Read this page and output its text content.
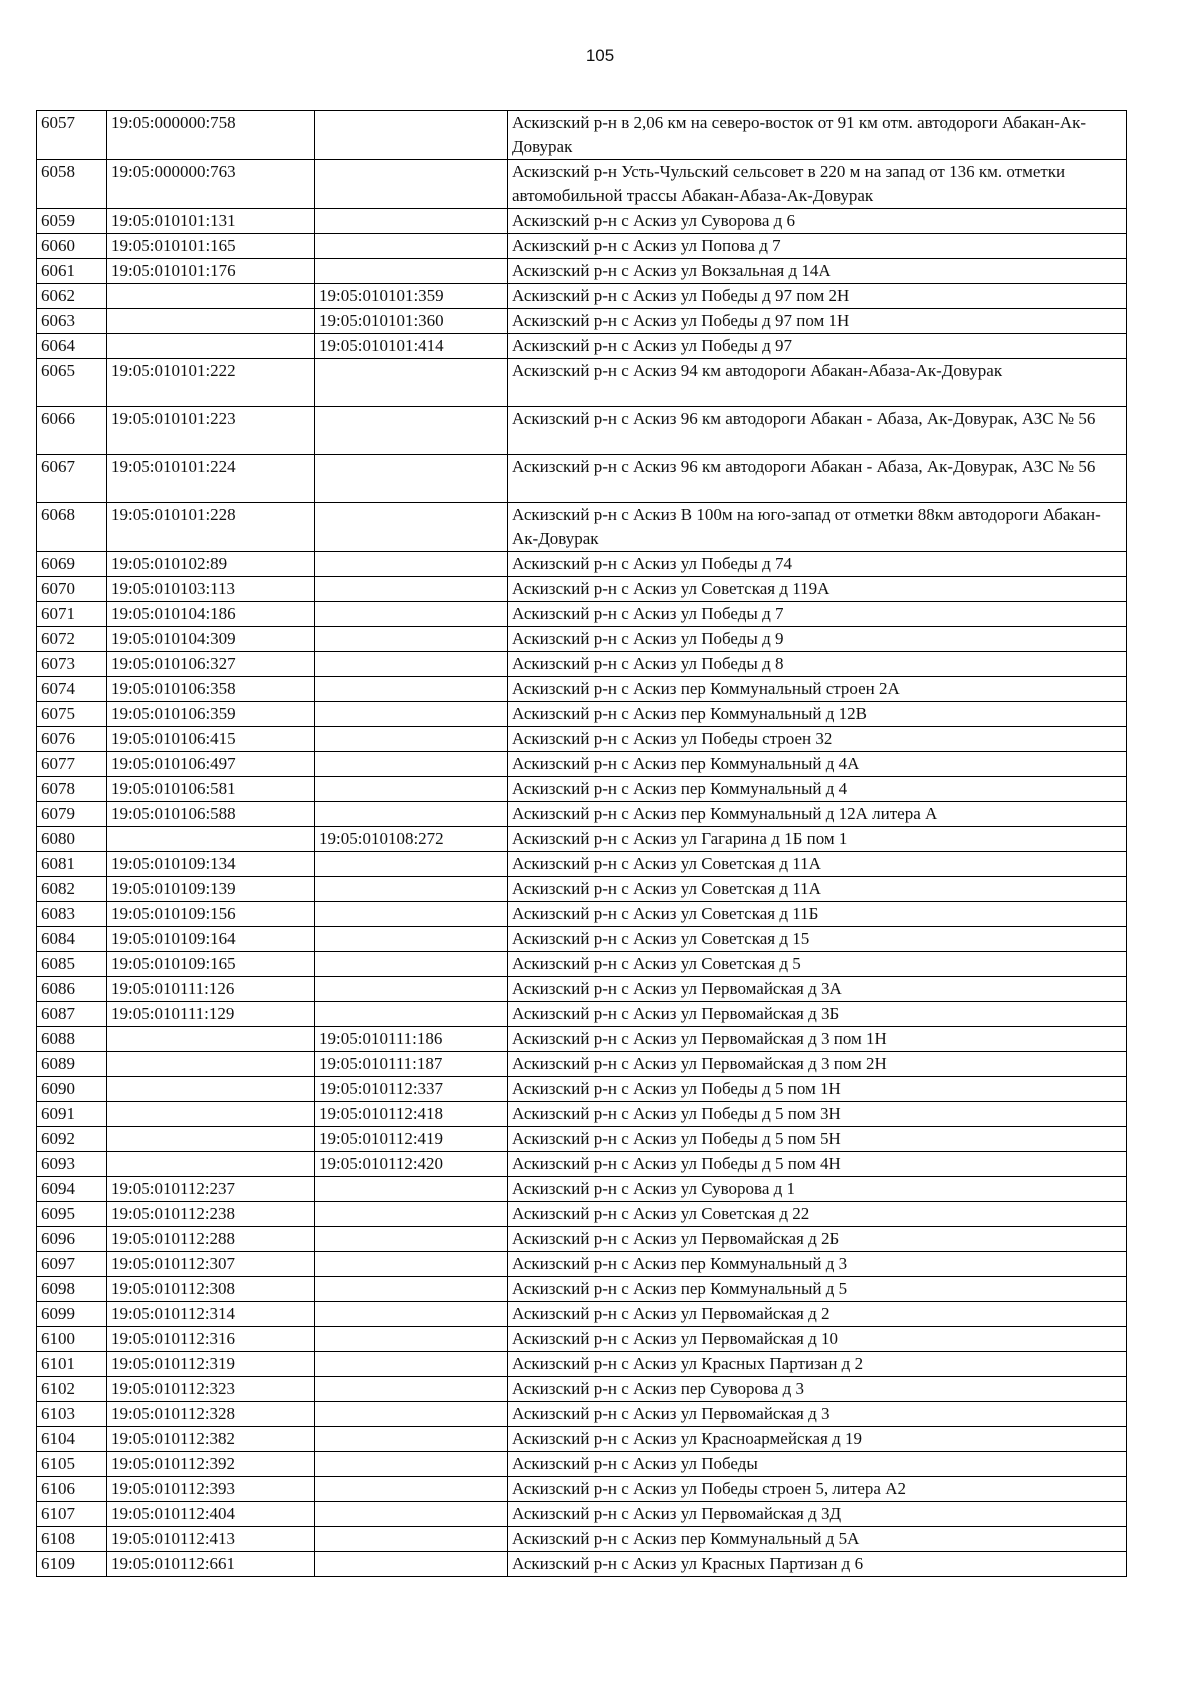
105
6057	19:05:000000:758		Аскизский р-н в 2,06 км на северо-восток от 91 км отм. автодороги Абакан-Ак-Довурак
6058	19:05:000000:763		Аскизский р-н Усть-Чульский сельсовет в 220 м на запад от 136 км. отметки автомобильной трассы Абакан-Абаза-Ак-Довурак
6059	19:05:010101:131		Аскизский р-н с Аскиз ул Суворова д 6
6060	19:05:010101:165		Аскизский р-н с Аскиз ул Попова д 7
6061	19:05:010101:176		Аскизский р-н с Аскиз ул Вокзальная д 14А
6062		19:05:010101:359	Аскизский р-н с Аскиз ул Победы д 97 пом 2Н
6063		19:05:010101:360	Аскизский р-н с Аскиз ул Победы д 97 пом 1Н
6064		19:05:010101:414	Аскизский р-н с Аскиз ул Победы д 97
6065	19:05:010101:222		Аскизский р-н с Аскиз 94 км автодороги Абакан-Абаза-Ак-Довурак
6066	19:05:010101:223		Аскизский р-н с Аскиз 96 км автодороги Абакан - Абаза, Ак-Довурак, АЗС № 56
6067	19:05:010101:224		Аскизский р-н с Аскиз 96 км автодороги Абакан - Абаза, Ак-Довурак, АЗС № 56
6068	19:05:010101:228		Аскизский р-н с Аскиз В 100м на юго-запад от отметки 88км автодороги Абакан-Ак-Довурак
6069	19:05:010102:89		Аскизский р-н с Аскиз ул Победы д 74
6070	19:05:010103:113		Аскизский р-н с Аскиз ул Советская д 119А
6071	19:05:010104:186		Аскизский р-н с Аскиз ул Победы д 7
6072	19:05:010104:309		Аскизский р-н с Аскиз ул Победы д 9
6073	19:05:010106:327		Аскизский р-н с Аскиз ул Победы д 8
6074	19:05:010106:358		Аскизский р-н с Аскиз пер Коммунальный строен 2А
6075	19:05:010106:359		Аскизский р-н с Аскиз пер Коммунальный д 12В
6076	19:05:010106:415		Аскизский р-н с Аскиз ул Победы строен 32
6077	19:05:010106:497		Аскизский р-н с Аскиз пер Коммунальный д 4А
6078	19:05:010106:581		Аскизский р-н с Аскиз пер Коммунальный д 4
6079	19:05:010106:588		Аскизский р-н с Аскиз пер Коммунальный д 12А литера А
6080		19:05:010108:272	Аскизский р-н с Аскиз ул Гагарина д 1Б пом 1
6081	19:05:010109:134		Аскизский р-н с Аскиз ул Советская д 11А
6082	19:05:010109:139		Аскизский р-н с Аскиз ул Советская д 11А
6083	19:05:010109:156		Аскизский р-н с Аскиз ул Советская д 11Б
6084	19:05:010109:164		Аскизский р-н с Аскиз ул Советская д 15
6085	19:05:010109:165		Аскизский р-н с Аскиз ул Советская д 5
6086	19:05:010111:126		Аскизский р-н с Аскиз ул Первомайская д 3А
6087	19:05:010111:129		Аскизский р-н с Аскиз ул Первомайская д 3Б
6088		19:05:010111:186	Аскизский р-н с Аскиз ул Первомайская д 3 пом 1Н
6089		19:05:010111:187	Аскизский р-н с Аскиз ул Первомайская д 3 пом 2Н
6090		19:05:010112:337	Аскизский р-н с Аскиз ул Победы д 5 пом 1Н
6091		19:05:010112:418	Аскизский р-н с Аскиз ул Победы д 5 пом 3Н
6092		19:05:010112:419	Аскизский р-н с Аскиз ул Победы д 5 пом 5Н
6093		19:05:010112:420	Аскизский р-н с Аскиз ул Победы д 5 пом 4Н
6094	19:05:010112:237		Аскизский р-н с Аскиз ул Суворова д 1
6095	19:05:010112:238		Аскизский р-н с Аскиз ул Советская д 22
6096	19:05:010112:288		Аскизский р-н с Аскиз ул Первомайская д 2Б
6097	19:05:010112:307		Аскизский р-н с Аскиз пер Коммунальный д 3
6098	19:05:010112:308		Аскизский р-н с Аскиз пер Коммунальный д 5
6099	19:05:010112:314		Аскизский р-н с Аскиз ул Первомайская д 2
6100	19:05:010112:316		Аскизский р-н с Аскиз ул Первомайская д 10
6101	19:05:010112:319		Аскизский р-н с Аскиз ул Красных Партизан д 2
6102	19:05:010112:323		Аскизский р-н с Аскиз пер Суворова д 3
6103	19:05:010112:328		Аскизский р-н с Аскиз ул Первомайская д 3
6104	19:05:010112:382		Аскизский р-н с Аскиз ул Красноармейская д 19
6105	19:05:010112:392		Аскизский р-н с Аскиз ул Победы
6106	19:05:010112:393		Аскизский р-н с Аскиз ул Победы строен 5, литера А2
6107	19:05:010112:404		Аскизский р-н с Аскиз ул Первомайская д 3Д
6108	19:05:010112:413		Аскизский р-н с Аскиз пер Коммунальный д 5А
6109	19:05:010112:661		Аскизский р-н с Аскиз ул Красных Партизан д 6
